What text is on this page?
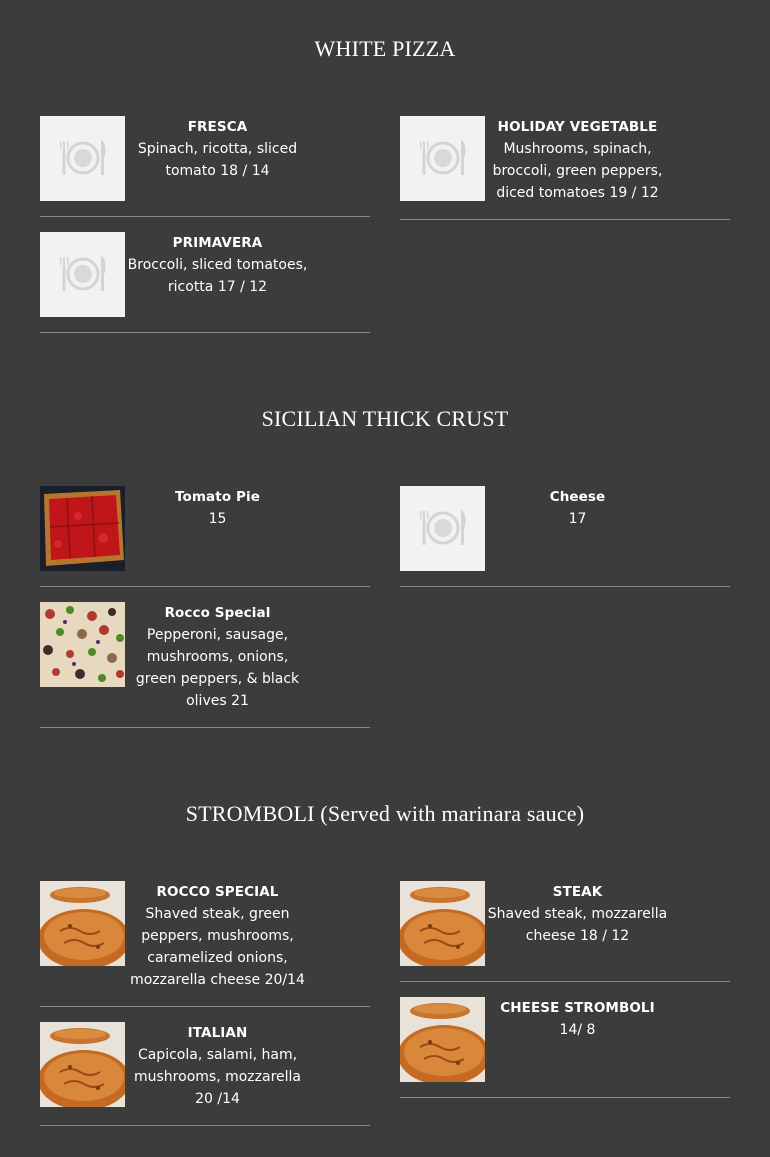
WHITE PIZZA
FRESCA
Spinach, ricotta, sliced tomato 18 / 14
HOLIDAY VEGETABLE
Mushrooms, spinach, broccoli, green peppers, diced tomatoes 19 / 12
PRIMAVERA
Broccoli, sliced tomatoes, ricotta 17 / 12
SICILIAN THICK CRUST
Tomato Pie
15
Cheese
17
Rocco Special
Pepperoni, sausage, mushrooms, onions, green peppers, & black olives 21
STROMBOLI (Served with marinara sauce)
ROCCO SPECIAL
Shaved steak, green peppers, mushrooms, caramelized onions, mozzarella cheese 20/14
STEAK
Shaved steak, mozzarella cheese 18 / 12
CHEESE STROMBOLI
14/ 8
ITALIAN
Capicola, salami, ham, mushrooms, mozzarella 20 /14
